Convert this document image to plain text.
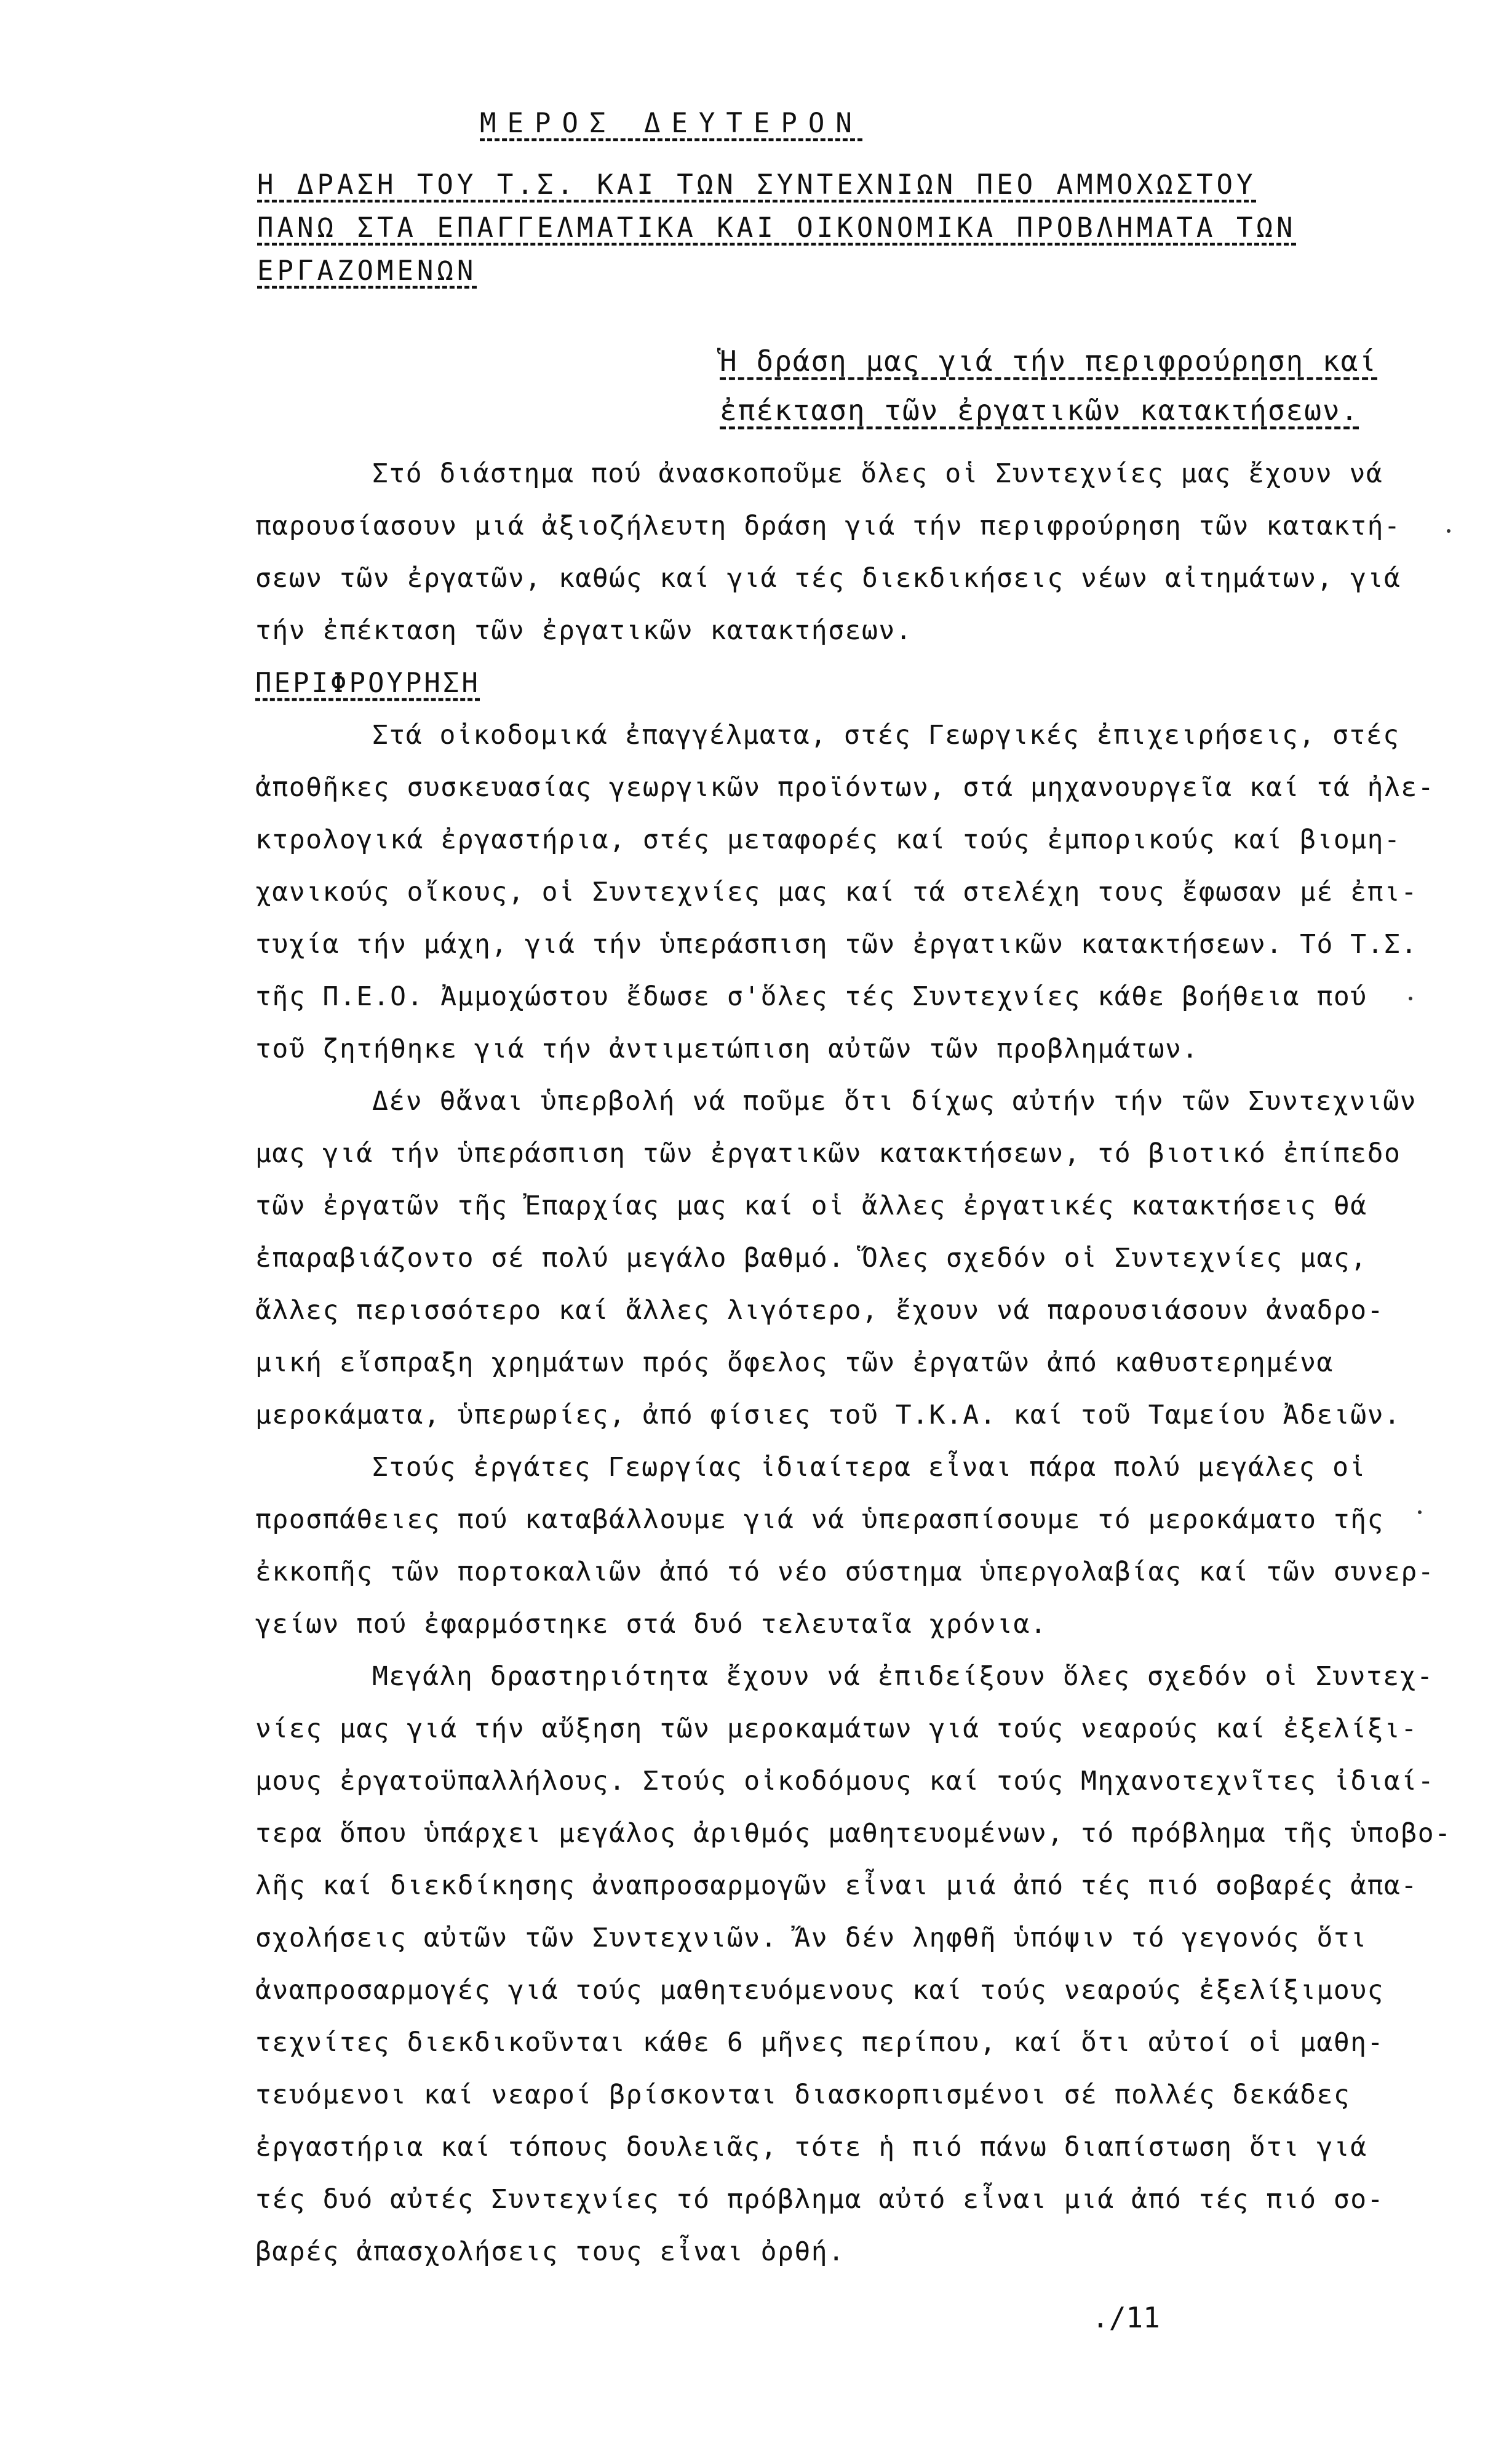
ΜΕΡΟΣ ΔΕΥΤΕΡΟΝ
Η ΔΡΑΣΗ ΤΟΥ Τ.Σ. ΚΑΙ ΤΩΝ ΣΥΝΤΕΧΝΙΩΝ ΠΕΟ ΑΜΜΟΧΩΣΤΟΥ
ΠΑΝΩ ΣΤΑ ΕΠΑΓΓΕΛΜΑΤΙΚΑ ΚΑΙ ΟΙΚΟΝΟΜΙΚΑ ΠΡΟΒΛΗΜΑΤΑ ΤΩΝ
ΕΡΓΑΖΟΜΕΝΩΝ
Ἡ δράση μας γιά τήν περιφρούρηση καί
ἐπέκταση τῶν ἐργατικῶν κατακτήσεων.
Στό διάστημα πού ἀνασκοποῦμε ὅλες οἱ Συντεχνίες μας ἔχουν νά
παρουσίασουν μιά ἀξιοζήλευτη δράση γιά τήν περιφρούρηση τῶν κατακτή-
σεων τῶν ἐργατῶν, καθώς καί γιά τές διεκδικήσεις νέων αἰτημάτων, γιά
τήν ἐπέκταση τῶν ἐργατικῶν κατακτήσεων.
ΠΕΡΙΦΡΟΥΡΗΣΗ
Στά οἰκοδομικά ἐπαγγέλματα, στές Γεωργικές ἐπιχειρήσεις, στές
ἀποθῆκες συσκευασίας γεωργικῶν προϊόντων, στά μηχανουργεῖα καί τά ἠλε-
κτρολογικά ἐργαστήρια, στές μεταφορές καί τούς ἐμπορικούς καί βιομη-
χανικούς οἴκους, οἱ Συντεχνίες μας καί τά στελέχη τους ἔφωσαν μέ ἐπι-
τυχία τήν μάχη, γιά τήν ὑπεράσπιση τῶν ἐργατικῶν κατακτήσεων. Τό Τ.Σ.
τῆς Π.Ε.Ο. Ἀμμοχώστου ἔδωσε σ'ὅλες τές Συντεχνίες κάθε βοήθεια πού
τοῦ ζητήθηκε γιά τήν ἀντιμετώπιση αὐτῶν τῶν προβλημάτων.
Δέν θἄναι ὑπερβολή νά ποῦμε ὅτι δίχως αὐτήν τήν τῶν Συντεχνιῶν
μας γιά τήν ὑπεράσπιση τῶν ἐργατικῶν κατακτήσεων, τό βιοτικό ἐπίπεδο
τῶν ἐργατῶν τῆς Ἐπαρχίας μας καί οἱ ἄλλες ἐργατικές κατακτήσεις θά
ἐπαραβιάζοντο σέ πολύ μεγάλο βαθμό. Ὅλες σχεδόν οἱ Συντεχνίες μας,
ἄλλες περισσότερο καί ἄλλες λιγότερο, ἔχουν νά παρουσιάσουν ἀναδρο-
μική εἴσπραξη χρημάτων πρός ὄφελος τῶν ἐργατῶν ἀπό καθυστερημένα
μεροκάματα, ὑπερωρίες, ἀπό φίσιες τοῦ Τ.Κ.Α. καί τοῦ Ταμείου Ἀδειῶν.
Στούς ἐργάτες Γεωργίας ἰδιαίτερα εἶναι πάρα πολύ μεγάλες οἱ
προσπάθειες πού καταβάλλουμε γιά νά ὑπερασπίσουμε τό μεροκάματο τῆς
ἐκκοπῆς τῶν πορτοκαλιῶν ἀπό τό νέο σύστημα ὑπεργολαβίας καί τῶν συνερ-
γείων πού ἐφαρμόστηκε στά δυό τελευταῖα χρόνια.
Μεγάλη δραστηριότητα ἔχουν νά ἐπιδείξουν ὅλες σχεδόν οἱ Συντεχ-
νίες μας γιά τήν αὔξηση τῶν μεροκαμάτων γιά τούς νεαρούς καί ἐξελίξι-
μους ἐργατοϋπαλλήλους. Στούς οἰκοδόμους καί τούς Μηχανοτεχνῖτες ἰδιαί-
τερα ὅπου ὑπάρχει μεγάλος ἀριθμός μαθητευομένων, τό πρόβλημα τῆς ὑποβο-
λῆς καί διεκδίκησης ἀναπροσαρμογῶν εἶναι μιά ἀπό τές πιό σοβαρές ἀπα-
σχολήσεις αὐτῶν τῶν Συντεχνιῶν. Ἄν δέν ληφθῆ ὑπόψιν τό γεγονός ὅτι
ἀναπροσαρμογές γιά τούς μαθητευόμενους καί τούς νεαρούς ἐξελίξιμους
τεχνίτες διεκδικοῦνται κάθε 6 μῆνες περίπου, καί ὅτι αὐτοί οἱ μαθη-
τευόμενοι καί νεαροί βρίσκονται διασκορπισμένοι σέ πολλές δεκάδες
ἐργαστήρια καί τόπους δουλειᾶς, τότε ἡ πιό πάνω διαπίστωση ὅτι γιά
τές δυό αὐτές Συντεχνίες τό πρόβλημα αὐτό εἶναι μιά ἀπό τές πιό σο-
βαρές ἀπασχολήσεις τους εἶναι ὀρθή.
./11
